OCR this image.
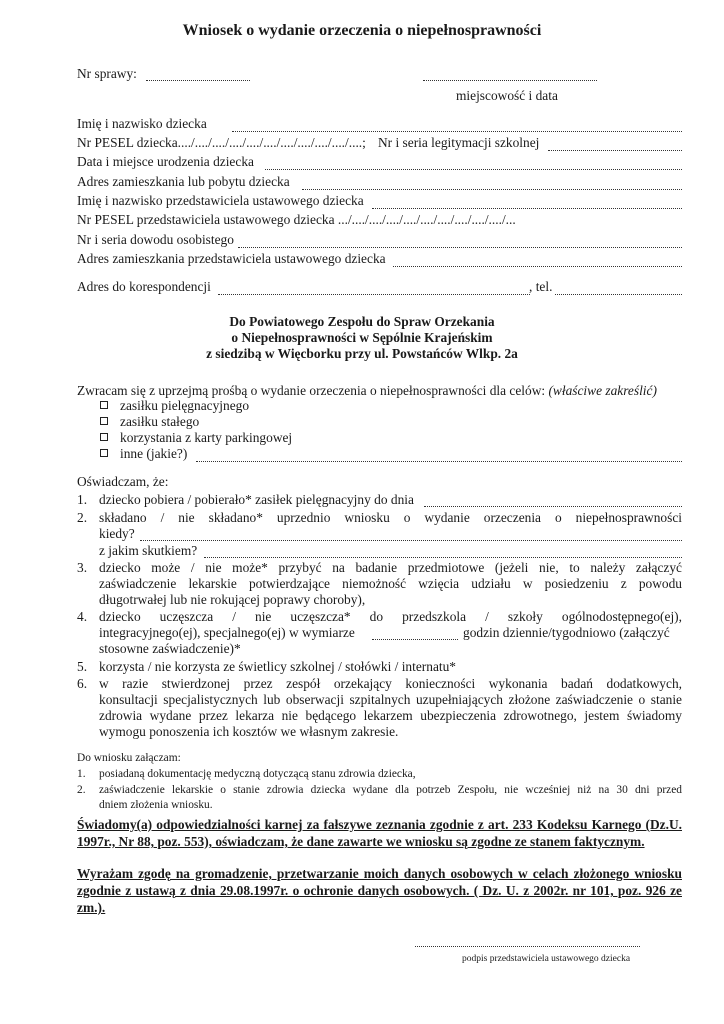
Wniosek o wydanie orzeczenia o niepełnosprawności
Nr sprawy:
miejscowość i data
Imię i nazwisko dziecka
Nr PESEL dziecka..../..../..../..../..../..../..../..../..../..../....; Nr i seria legitymacji szkolnej
Data i miejsce urodzenia dziecka
Adres zamieszkania lub pobytu dziecka
Imię i nazwisko przedstawiciela ustawowego dziecka
Nr PESEL przedstawiciela ustawowego dziecka .../..../..../..../..../..../..../..../..../..../...
Nr i seria dowodu osobistego
Adres zamieszkania przedstawiciela ustawowego dziecka
Adres do korespondencji	, tel.
Do Powiatowego Zespołu do Spraw Orzekania
o Niepełnosprawności w Sępólnie Krajeńskim
z siedzibą w Więcborku przy ul. Powstańców Wlkp. 2a
Zwracam się z uprzejmą prośbą o wydanie orzeczenia o niepełnosprawności dla celów: (właściwe zakreślić)
zasiłku pielęgnacyjnego
zasiłku stałego
korzystania z karty parkingowej
inne (jakie?)
Oświadczam, że:
1. dziecko pobiera / pobierało* zasiłek pielęgnacyjny do dnia
2. składano / nie składano* uprzednio wniosku o wydanie orzeczenia o niepełnosprawności
kiedy?
z jakim skutkiem?
3. dziecko może / nie może* przybyć na badanie przedmiotowe (jeżeli nie, to należy załączyć
zaświadczenie lekarskie potwierdzające niemożność wzięcia udziału w posiedzeniu z powodu
długotrwałej lub nie rokującej poprawy choroby),
4. dziecko uczęszcza / nie uczęszcza* do przedszkola / szkoły ogólnodostępnego(ej),
integracyjnego(ej), specjalnego(ej) w wymiarze	godzin dziennie/tygodniowo (załączyć
stosowne zaświadczenie)*
5. korzysta / nie korzysta ze świetlicy szkolnej / stołówki / internatu*
6. w razie stwierdzonej przez zespół orzekający konieczności wykonania badań dodatkowych,
konsultacji specjalistycznych lub obserwacji szpitalnych uzupełniających złożone zaświadczenie o stanie
zdrowia wydane przez lekarza nie będącego lekarzem ubezpieczenia zdrowotnego, jestem świadomy
wymogu ponoszenia ich kosztów we własnym zakresie.
Do wniosku załączam:
1. posiadaną dokumentację medyczną dotyczącą stanu zdrowia dziecka,
2. zaświadczenie lekarskie o stanie zdrowia dziecka wydane dla potrzeb Zespołu, nie wcześniej niż na 30 dni przed
dniem złożenia wniosku.
Świadomy(a) odpowiedzialności karnej za fałszywe zeznania zgodnie z art. 233 Kodeksu Karnego (Dz.U.
1997r., Nr 88, poz. 553), oświadczam, że dane zawarte we wniosku są zgodne ze stanem faktycznym.
Wyrażam zgodę na gromadzenie, przetwarzanie moich danych osobowych w celach złożonego wniosku
zgodnie z ustawą z dnia 29.08.1997r. o ochronie danych osobowych. ( Dz. U. z 2002r. nr 101, poz. 926 ze
zm.).
podpis przedstawiciela ustawowego dziecka
